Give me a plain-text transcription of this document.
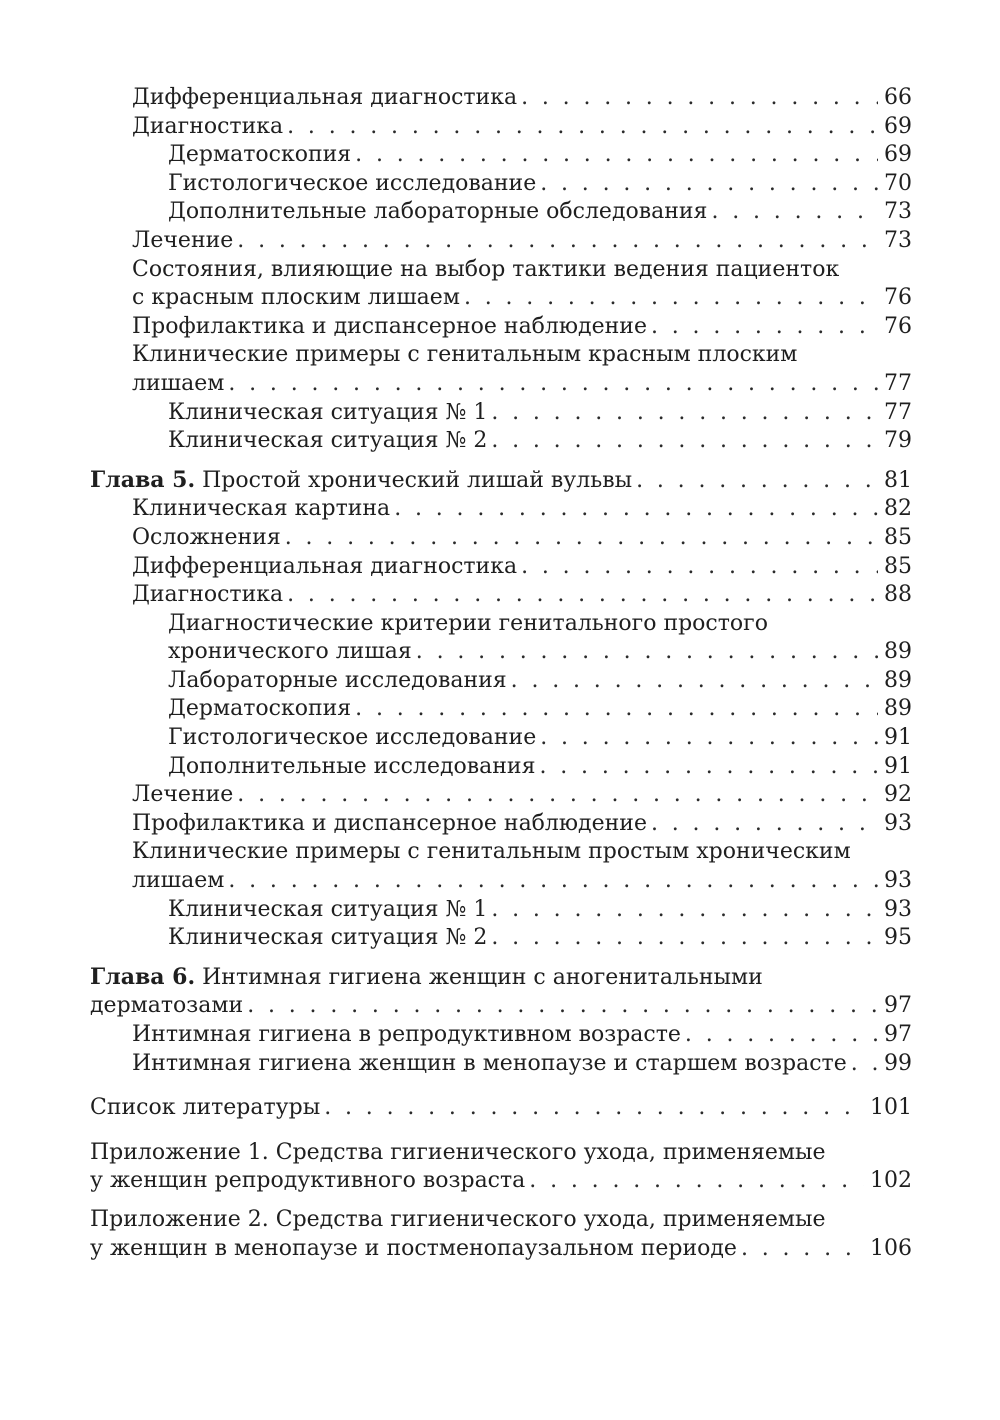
Дифференциальная диагностика . . .	66
Диагностика . . .	69
Дерматоскопия . . .	69
Гистологическое исследование . . .	70
Дополнительные лабораторные обследования . . .	73
Лечение . . .	73
Состояния, влияющие на выбор тактики ведения пациенток
с красным плоским лишаем . . .	76
Профилактика и диспансерное наблюдение . . .	76
Клинические примеры с генитальным красным плоским
лишаем . . .	77
Клиническая ситуация № 1 . . .	77
Клиническая ситуация № 2 . . .	79
Глава 5. Простой хронический лишай вульвы . . .	81
Клиническая картина . . .	82
Осложнения . . .	85
Дифференциальная диагностика . . .	85
Диагностика . . .	88
Диагностические критерии генитального простого
хронического лишая . . .	89
Лабораторные исследования . . .	89
Дерматоскопия . . .	89
Гистологическое исследование . . .	91
Дополнительные исследования . . .	91
Лечение . . .	92
Профилактика и диспансерное наблюдение . . .	93
Клинические примеры с генитальным простым хроническим
лишаем . . .	93
Клиническая ситуация № 1 . . .	93
Клиническая ситуация № 2 . . .	95
Глава 6. Интимная гигиена женщин с аногенитальными
дерматозами . . .	97
Интимная гигиена в репродуктивном возрасте . . .	97
Интимная гигиена женщин в менопаузе и старшем возрасте . . . 99
Список литературы . . .	101
Приложение 1. Средства гигиенического ухода, применяемые
у женщин репродуктивного возраста . . .	102
Приложение 2. Средства гигиенического ухода, применяемые
у женщин в менопаузе и постменопаузальном периоде . . .	106
